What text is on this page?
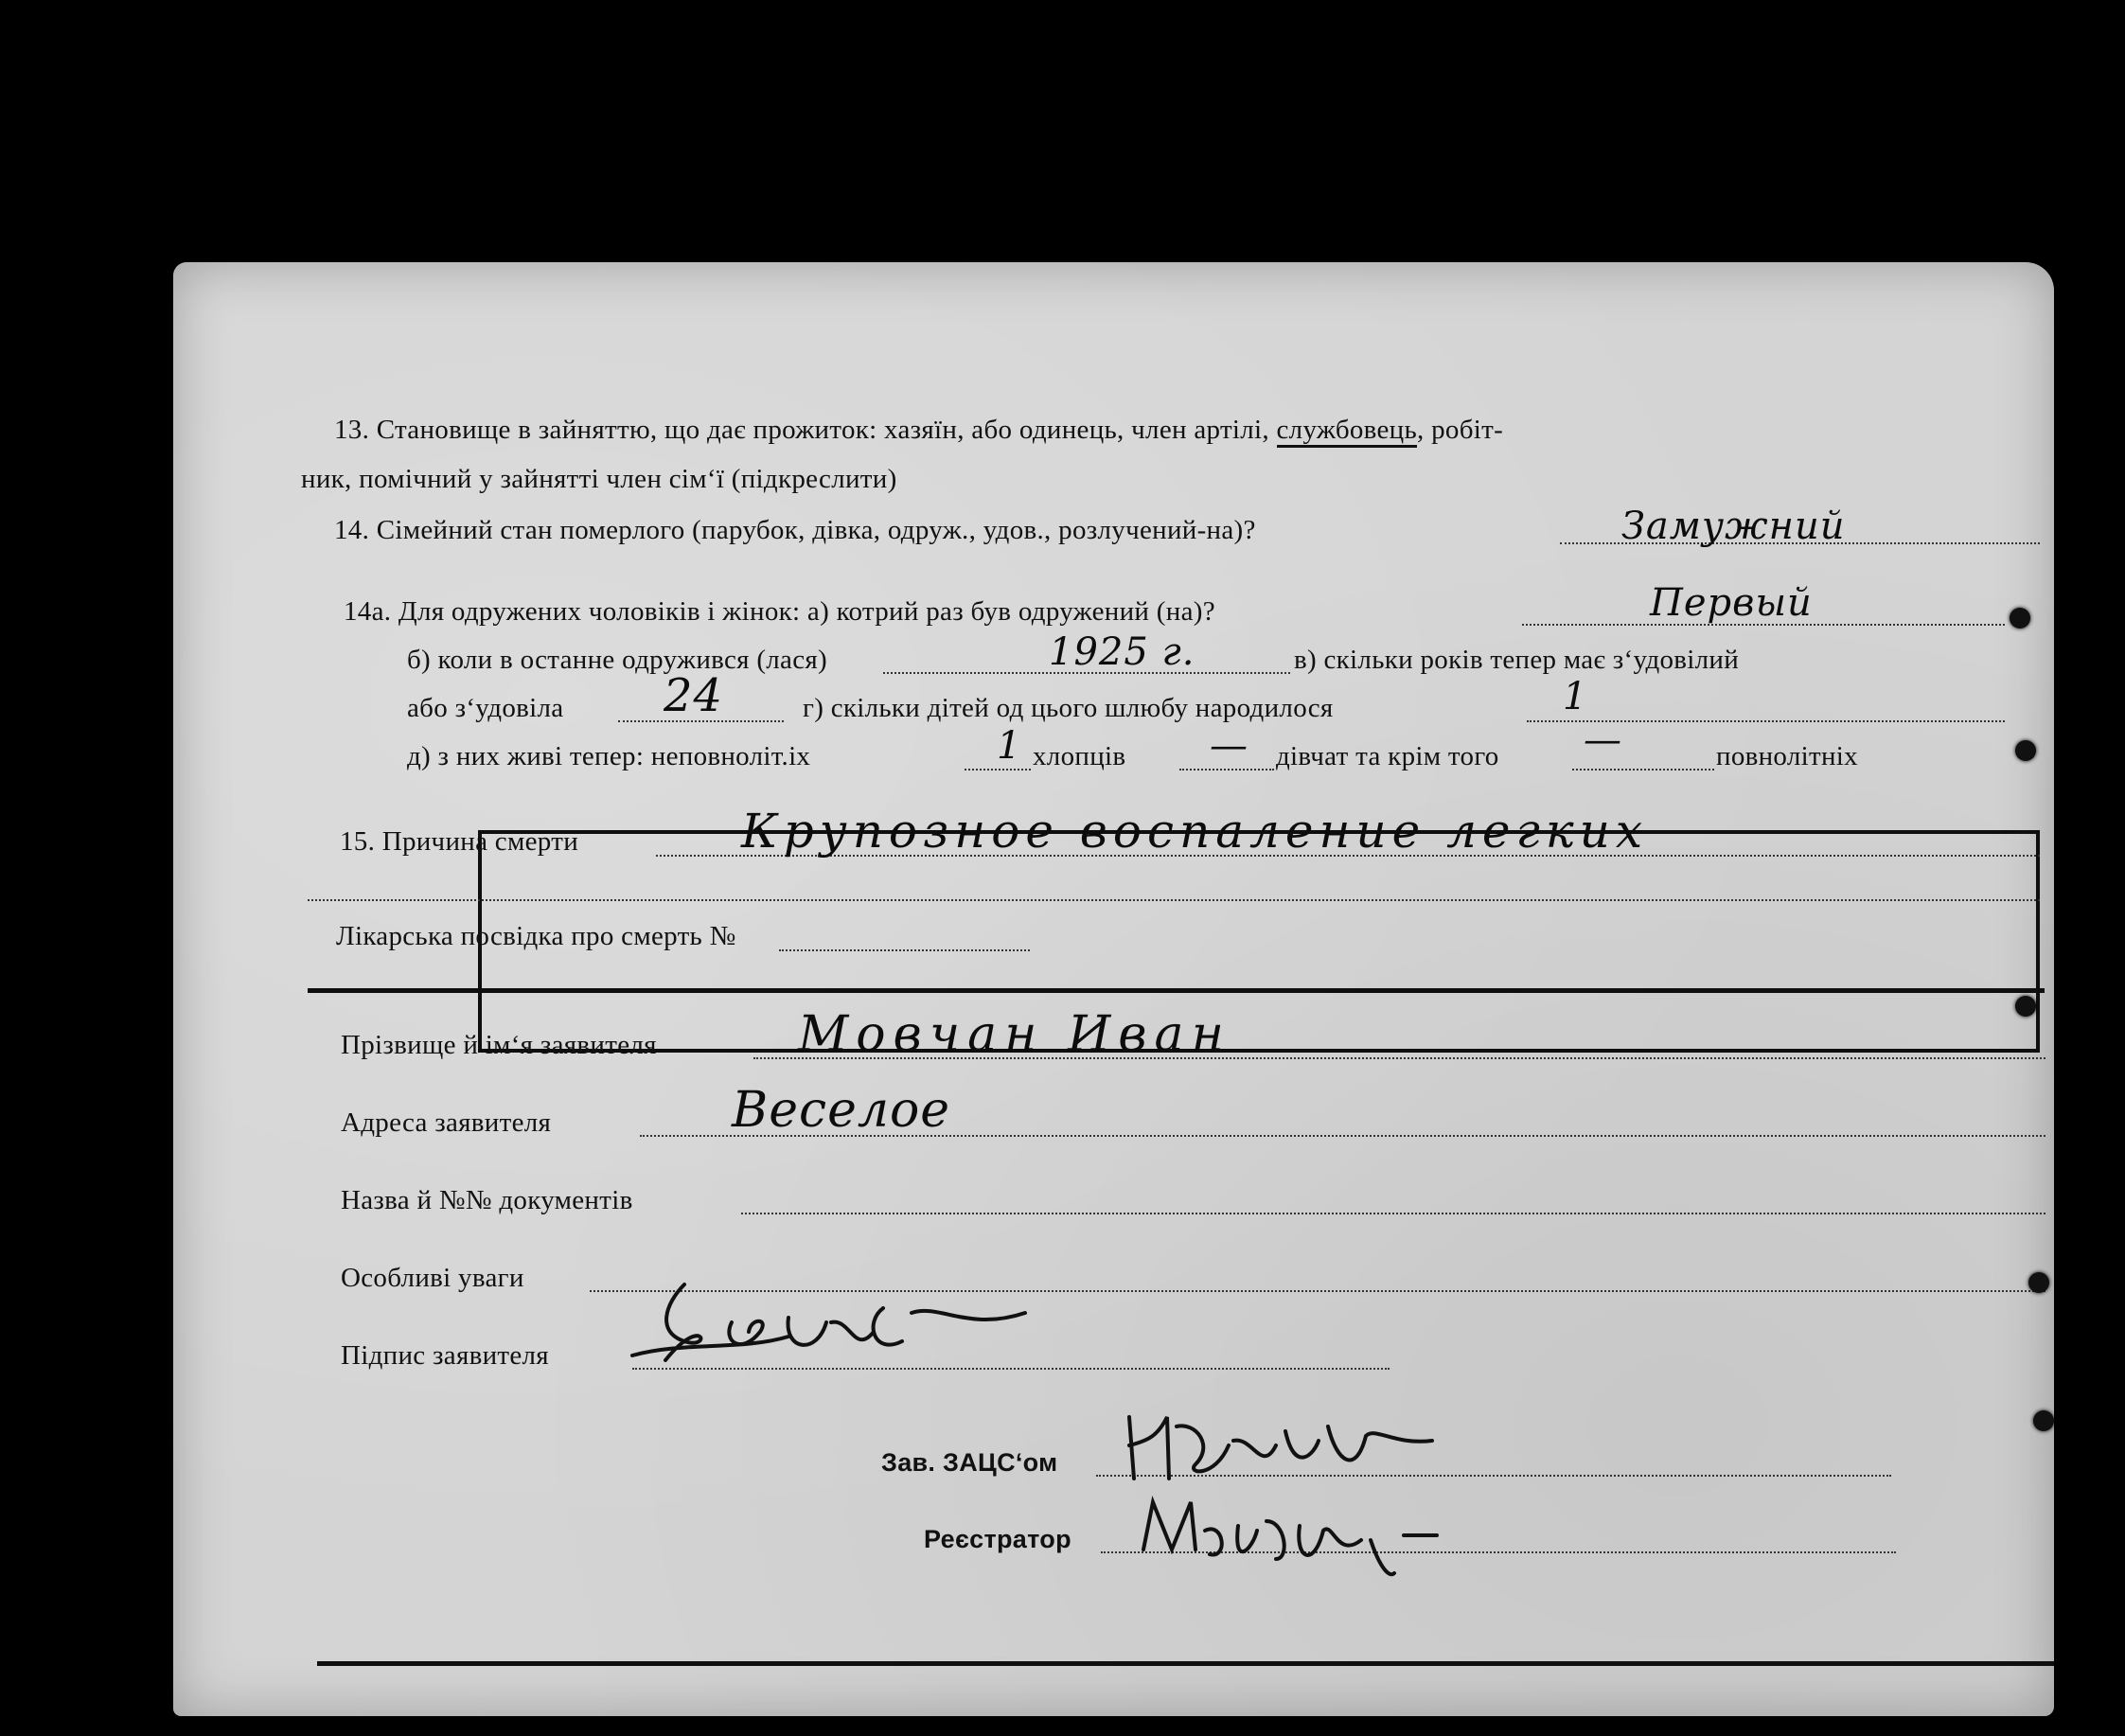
13. Становище в зайняттю, що дає прожиток: хазяїн, або одинець, член артілі, службовець, робіт-
ник, помічний у зайнятті член сім‘ї (підкреслити)
14. Сімейний стан померлого (парубок, дівка, одруж., удов., розлучений-на)?	Замужний
14а. Для одружених чоловіків і жінок: а) котрий раз був одружений (на)?	Первый
б) коли в останне одружився (лася)	1925 г.	в) скільки років тепер має з‘удовілий
або з‘удовіла 24	г) скільки дітей од цього шлюбу народилося	1
д) з них живі тепер: неповноліт.іх	1 хлопців — дівчат та крім того —	повнолітніх
15. Причина смерти	Крупозное воспаление легких
Лікарська посвідка про смерть №
Прізвище й ім‘я заявителя	Мовчан Иван
Адреса заявителя	Веселое
Назва й №№ документів
Особливі уваги
Підпис заявителя
Зав. ЗАЦС‘ом
Реєстратор
